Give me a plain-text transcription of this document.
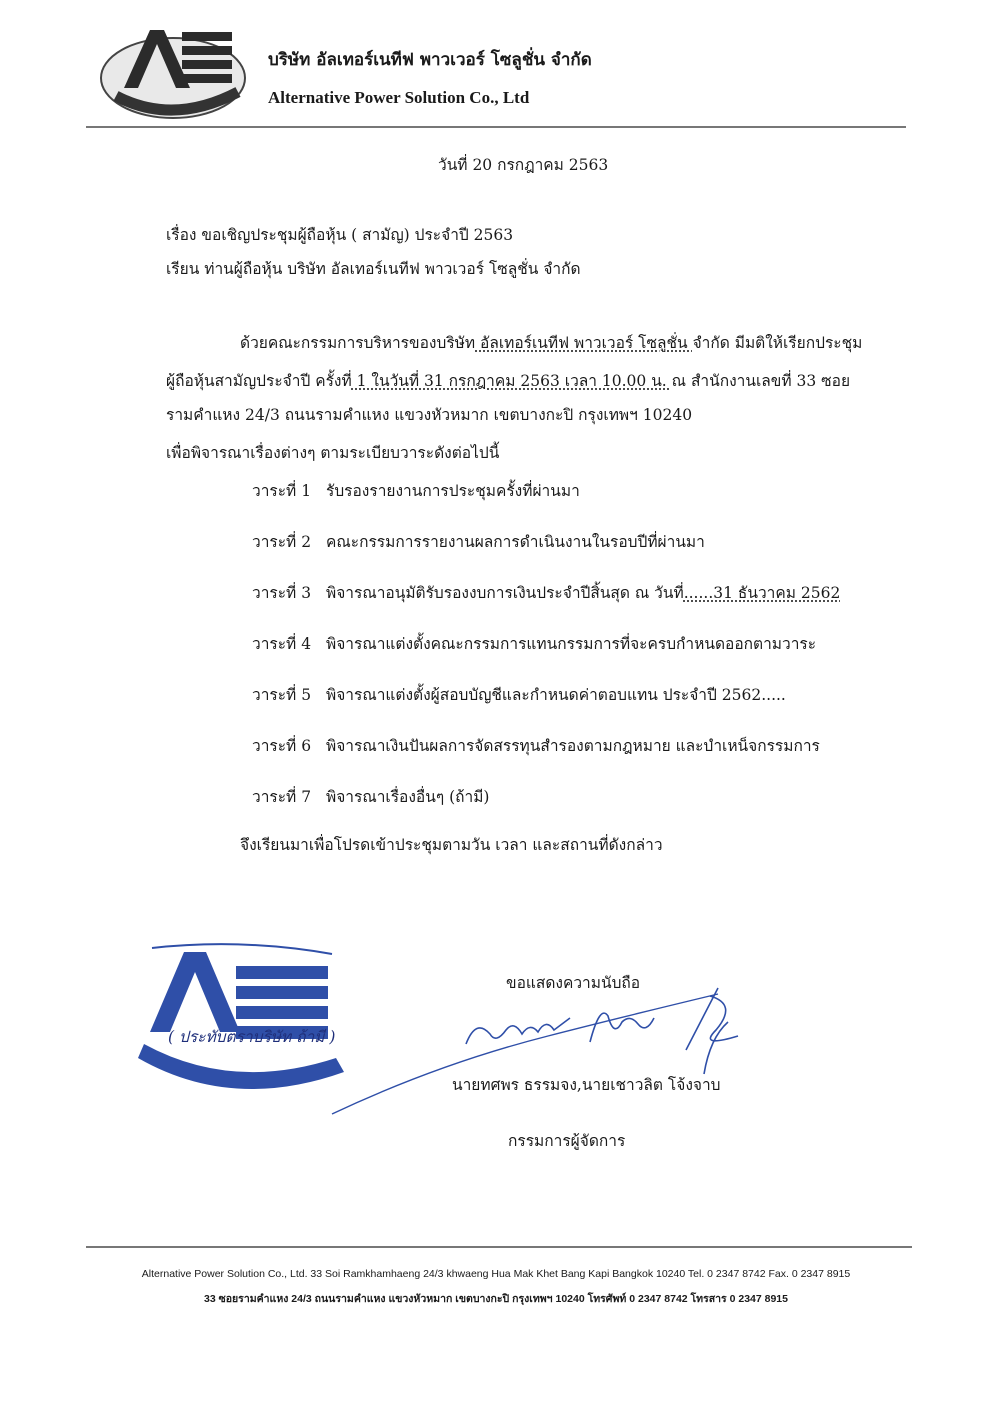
บริษัท อัลเทอร์เนทีฟ พาวเวอร์ โซลูชั่น จำกัด
Alternative Power Solution Co., Ltd
วันที่ 20 กรกฎาคม 2563
เรื่อง ขอเชิญประชุมผู้ถือหุ้น ( สามัญ) ประจำปี 2563
เรียน ท่านผู้ถือหุ้น บริษัท อัลเทอร์เนทีฟ พาวเวอร์ โซลูชั่น จำกัด
ด้วยคณะกรรมการบริหารของบริษัท อัลเทอร์เนทีฟ พาวเวอร์ โซลูชั่น จำกัด มีมติให้เรียกประชุม
ผู้ถือหุ้นสามัญประจำปี ครั้งที่ 1 ในวันที่ 31 กรกฎาคม 2563 เวลา 10.00 น. ณ สำนักงานเลขที่ 33 ซอย
รามคำแหง 24/3 ถนนรามคำแหง แขวงหัวหมาก เขตบางกะปิ กรุงเทพฯ 10240
เพื่อพิจารณาเรื่องต่างๆ ตามระเบียบวาระดังต่อไปนี้
วาระที่ 1 รับรองรายงานการประชุมครั้งที่ผ่านมา
วาระที่ 2 คณะกรรมการรายงานผลการดำเนินงานในรอบปีที่ผ่านมา
วาระที่ 3 พิจารณาอนุมัติรับรองงบการเงินประจำปีสิ้นสุด ณ วันที่......31 ธันวาคม 2562
วาระที่ 4 พิจารณาแต่งตั้งคณะกรรมการแทนกรรมการที่จะครบกำหนดออกตามวาระ
วาระที่ 5 พิจารณาแต่งตั้งผู้สอบบัญชีและกำหนดค่าตอบแทน ประจำปี 2562.....
วาระที่ 6 พิจารณาเงินปันผลการจัดสรรทุนสำรองตามกฎหมาย และบำเหน็จกรรมการ
วาระที่ 7 พิจารณาเรื่องอื่นๆ (ถ้ามี)
จึงเรียนมาเพื่อโปรดเข้าประชุมตามวัน เวลา และสถานที่ดังกล่าว
( ประทับตราบริษัท ถ้ามี )
ขอแสดงความนับถือ
นายทศพร ธรรมจง,นายเชาวลิต โจ้งจาบ
กรรมการผู้จัดการ
Alternative Power Solution Co., Ltd. 33 Soi Ramkhamhaeng 24/3 khwaeng Hua Mak Khet Bang Kapi Bangkok 10240 Tel. 0 2347 8742 Fax. 0 2347 8915
33 ซอยรามคำแหง 24/3 ถนนรามคำแหง แขวงหัวหมาก เขตบางกะปิ กรุงเทพฯ 10240 โทรศัพท์ 0 2347 8742 โทรสาร 0 2347 8915
